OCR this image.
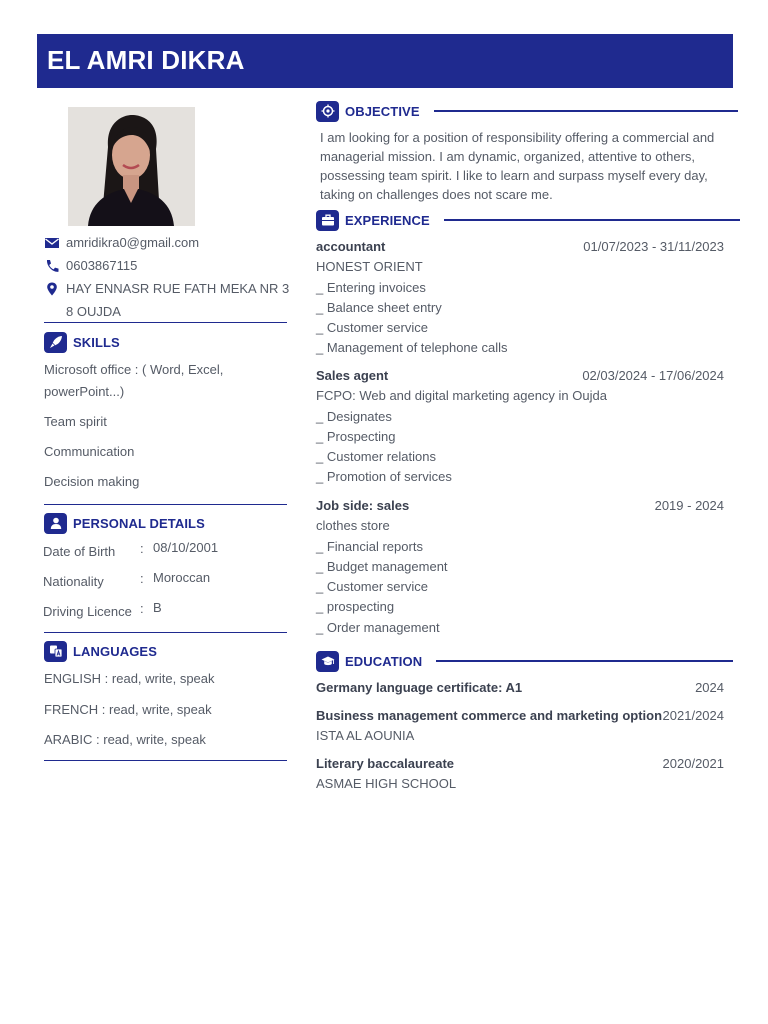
EL AMRI DIKRA
amridikra0@gmail.com
0603867115
HAY ENNASR RUE FATH MEKA NR 3
8 OUJDA
SKILLS
Microsoft office : ( Word, Excel, powerPoint...)
Team spirit
Communication
Decision making
PERSONAL DETAILS
Date of Birth : 08/10/2001
Nationality	: Moroccan
Driving Licence : B
LANGUAGES
ENGLISH : read, write, speak
FRENCH : read, write, speak
ARABIC : read, write, speak
OBJECTIVE
I am looking for a position of responsibility offering a commercial and managerial mission. I am dynamic, organized, attentive to others, possessing team spirit. I like to learn and surpass myself every day, taking on challenges does not scare me.
EXPERIENCE
accountant	01/07/2023 - 31/11/2023
HONEST ORIENT
_ Entering invoices
_ Balance sheet entry
_ Customer service
_ Management of telephone calls
Sales agent	02/03/2024 - 17/06/2024
FCPO: Web and digital marketing agency in Oujda
_ Designates
_ Prospecting
_ Customer relations
_ Promotion of services
Job side: sales	2019 - 2024
clothes store
_ Financial reports
_ Budget management
_ Customer service
_ prospecting
_ Order management
EDUCATION
Germany language certificate: A1	2024
Business management commerce and marketing option 2021/2024
ISTA AL AOUNIA
Literary baccalaureate	2020/2021
ASMAE HIGH SCHOOL
